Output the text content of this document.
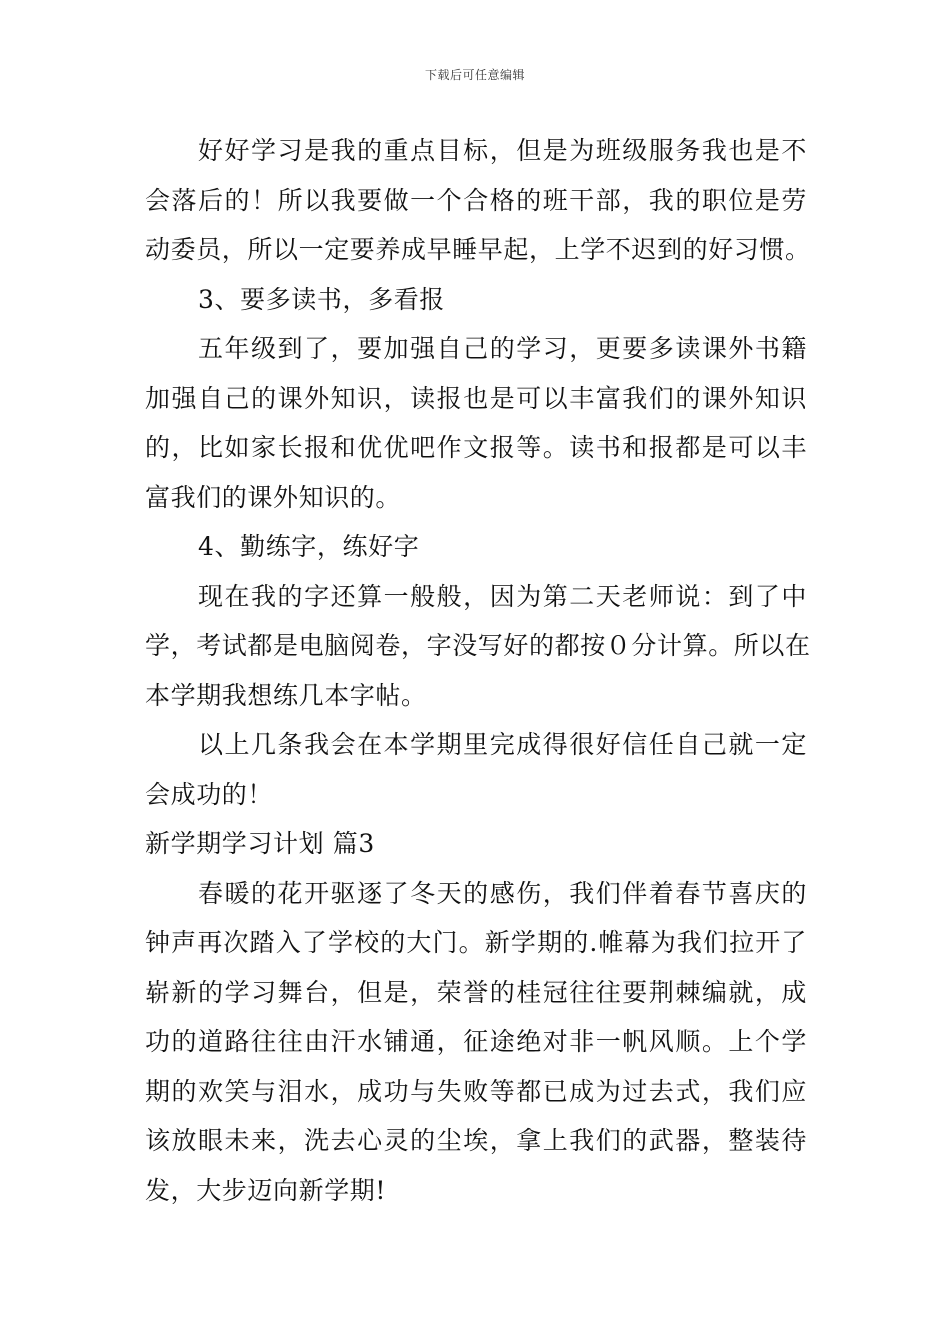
下载后可任意编辑
好好学习是我的重点目标，但是为班级服务我也是不
会落后的！所以我要做一个合格的班干部，我的职位是劳
动委员，所以一定要养成早睡早起，上学不迟到的好习惯。
3、要多读书，多看报
五年级到了，要加强自己的学习，更要多读课外书籍
加强自己的课外知识，读报也是可以丰富我们的课外知识
的，比如家长报和优优吧作文报等。读书和报都是可以丰
富我们的课外知识的。
4、勤练字，练好字
现在我的字还算一般般，因为第二天老师说：到了中
学，考试都是电脑阅卷，字没写好的都按０分计算。所以在
本学期我想练几本字帖。
以上几条我会在本学期里完成得很好信任自己就一定
会成功的！
新学期学习计划 篇3
春暖的花开驱逐了冬天的感伤，我们伴着春节喜庆的
钟声再次踏入了学校的大门。新学期的.帷幕为我们拉开了
崭新的学习舞台，但是，荣誉的桂冠往往要荆棘编就，成
功的道路往往由汗水铺通，征途绝对非一帆风顺。上个学
期的欢笑与泪水，成功与失败等都已成为过去式，我们应
该放眼未来，洗去心灵的尘埃，拿上我们的武器，整装待
发，大步迈向新学期!
